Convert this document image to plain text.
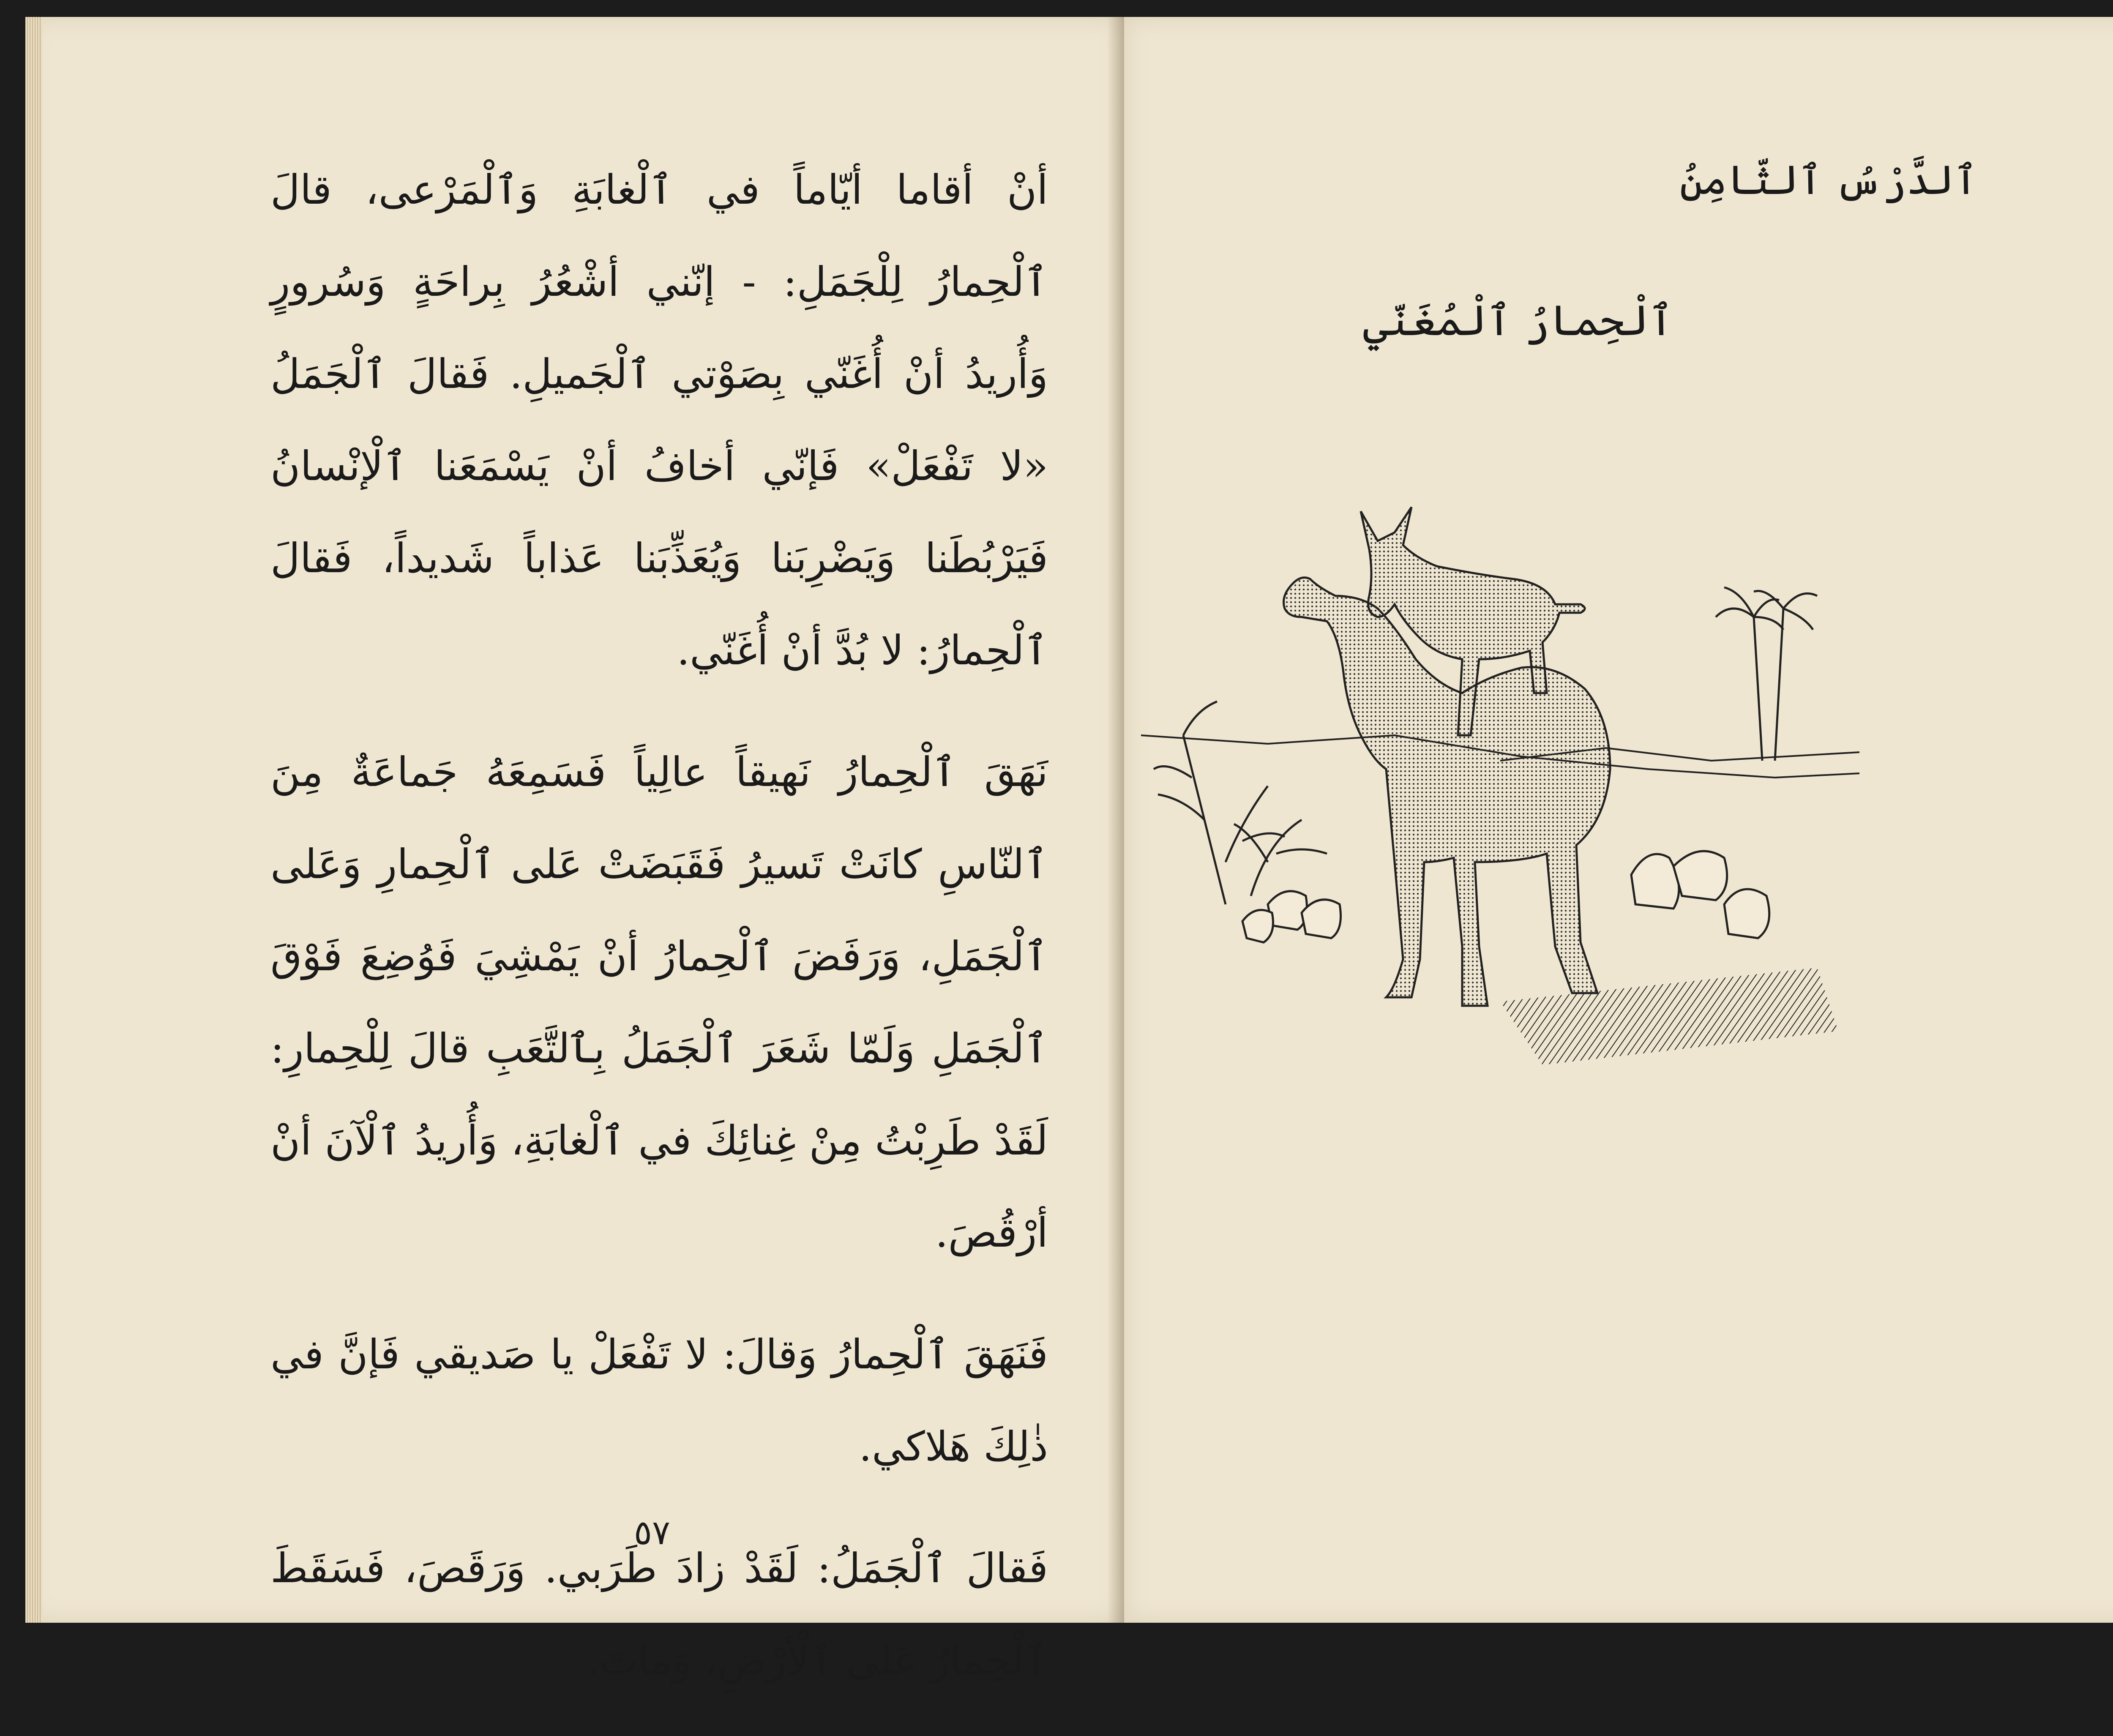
أنْ أقاما أيّاماً في ٱلْغابَةِ وَٱلْمَرْعى، قالَ ٱلْحِمارُ لِلْجَمَلِ: - إنّني أشْعُرُ بِراحَةٍ وَسُرورٍ وَأُريدُ أنْ أُغَنّي بِصَوْتي ٱلْجَميلِ. فَقالَ ٱلْجَمَلُ «لا تَفْعَلْ» فَإنّي أخافُ أنْ يَسْمَعَنا ٱلْإنْسانُ فَيَرْبُطَنا وَيَضْرِبَنا وَيُعَذِّبَنا عَذاباً شَديداً، فَقالَ ٱلْحِمارُ: لا بُدَّ أنْ أُغَنّي.

نَهَقَ ٱلْحِمارُ نَهيقاً عالِياً فَسَمِعَهُ جَماعَةٌ مِنَ ٱلنّاسِ كانَتْ تَسيرُ فَقَبَضَتْ عَلى ٱلْحِمارِ وَعَلى ٱلْجَمَلِ، وَرَفَضَ ٱلْحِمارُ أنْ يَمْشِيَ فَوُضِعَ فَوْقَ ٱلْجَمَلِ وَلَمّا شَعَرَ ٱلْجَمَلُ بِٱلتَّعَبِ قالَ لِلْحِمارِ: لَقَدْ طَرِبْتُ مِنْ غِنائِكَ في ٱلْغابَةِ، وَأُريدُ ٱلْآنَ أنْ أرْقُصَ.

فَنَهَقَ ٱلْحِمارُ وَقالَ: لا تَفْعَلْ يا صَديقي فَإنَّ في ذٰلِكَ هَلاكي.

فَقالَ ٱلْجَمَلُ: لَقَدْ زادَ طَرَبي. وَرَقَصَ، فَسَقَطَ ٱلْحِمارُ عَلى ٱلْأرْضِ، وَماتَ.

٥٧
ٱلدَّرْسُ ٱلثّامِنُ
ٱلْحِمارُ ٱلْمُغَنّي
